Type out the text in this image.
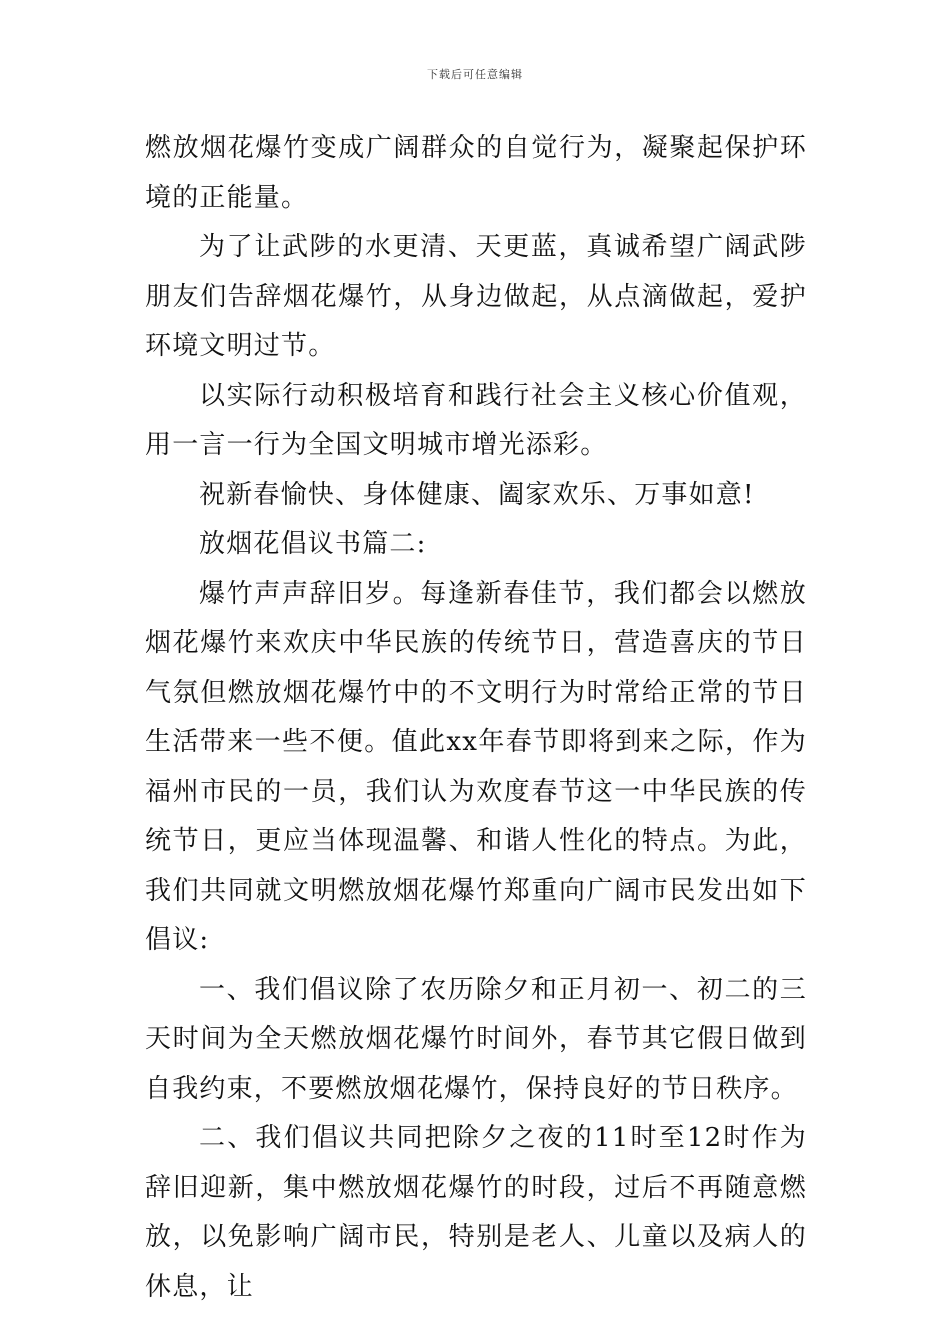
下载后可任意编辑

燃放烟花爆竹变成广阔群众的自觉行为，凝聚起保护环境的正能量。

为了让武陟的水更清、天更蓝，真诚希望广阔武陟朋友们告辞烟花爆竹，从身边做起，从点滴做起，爱护环境文明过节。

以实际行动积极培育和践行社会主义核心价值观，用一言一行为全国文明城市增光添彩。

祝新春愉快、身体健康、阖家欢乐、万事如意!

放烟花倡议书篇二:

爆竹声声辞旧岁。每逢新春佳节，我们都会以燃放烟花爆竹来欢庆中华民族的传统节日，营造喜庆的节日气氛但燃放烟花爆竹中的不文明行为时常给正常的节日生活带来一些不便。值此xx年春节即将到来之际，作为福州市民的一员，我们认为欢度春节这一中华民族的传统节日，更应当体现温馨、和谐人性化的特点。为此，我们共同就文明燃放烟花爆竹郑重向广阔市民发出如下倡议:

一、我们倡议除了农历除夕和正月初一、初二的三天时间为全天燃放烟花爆竹时间外，春节其它假日做到自我约束，不要燃放烟花爆竹，保持良好的节日秩序。

二、我们倡议共同把除夕之夜的11时至12时作为辞旧迎新，集中燃放烟花爆竹的时段，过后不再随意燃放，以免影响广阔市民，特别是老人、儿童以及病人的休息，让
